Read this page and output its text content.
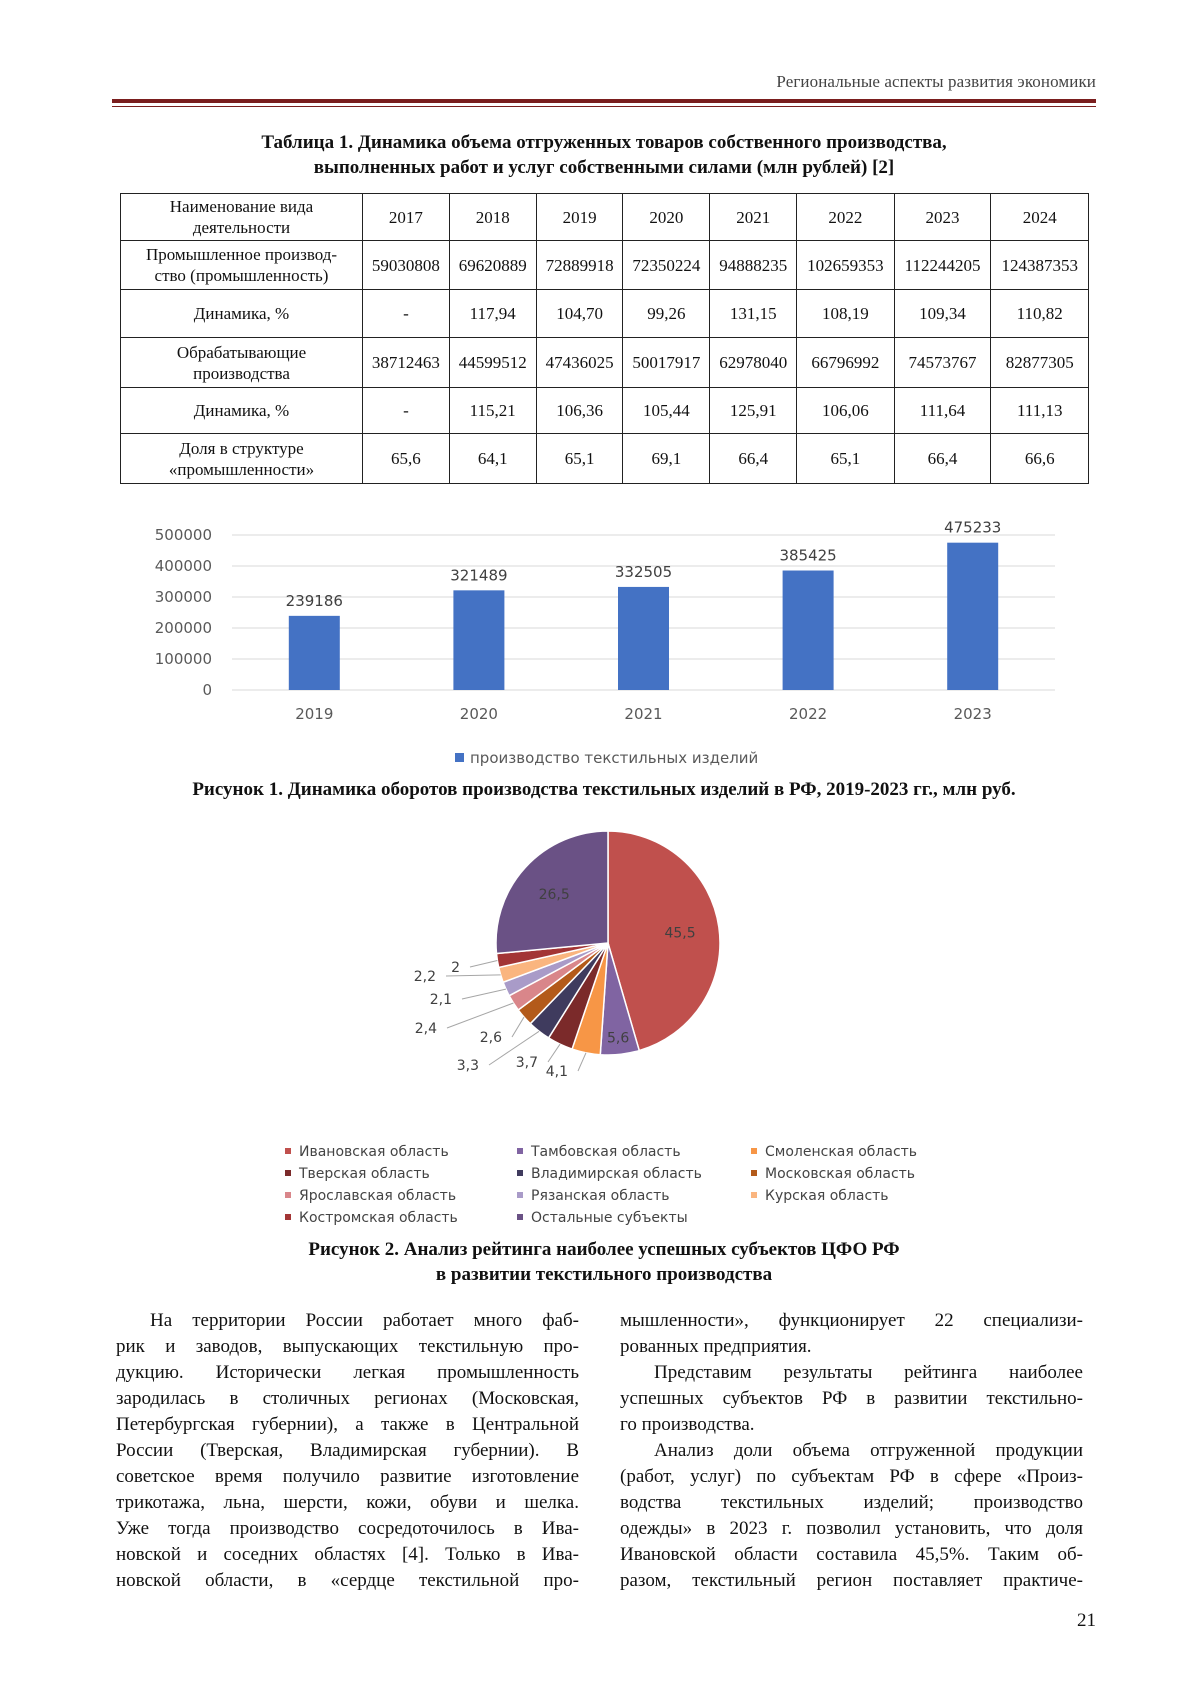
Региональные аспекты развития экономики
Таблица 1. Динамика объема отгруженных товаров собственного производства,
выполненных работ и услуг собственными силами (млн рублей) [2]
Наименование вида
деятельности	2017	2018	2019	2020	2021	2022	2023	2024
Промышленное производ-
ство (промышленность)	59030808	69620889	72889918	72350224	94888235	102659353	112244205	124387353
Динамика, %	-	117,94	104,70	99,26	131,15	108,19	109,34	110,82
Обрабатывающие
производства	38712463	44599512	47436025	50017917	62978040	66796992	74573767	82877305
Динамика, %	-	115,21	106,36	105,44	125,91	106,06	111,64	111,13
Доля в структуре
«промышленности»	65,6	64,1	65,1	69,1	66,4	65,1	66,4	66,6
0
100000
200000
300000
400000
500000
239186
2019
321489
2020
332505
2021
385425
2022
475233
2023
производство текстильных изделий
Рисунок 1. Динамика оборотов производства текстильных изделий в РФ, 2019-2023 гг., млн руб.
45,5
5,6
4,1
3,7
3,3
2,6
2,4
2,1
2,2
2
26,5
Ивановская область	Тамбовская область	Смоленская область
Тверская область	Владимирская область	Московская область
Ярославская область	Рязанская область	Курская область
Костромская область	Остальные субъекты
Рисунок 2. Анализ рейтинга наиболее успешных субъектов ЦФО РФ
в развитии текстильного производства

На территории России работает много фаб-
рик и заводов, выпускающих текстильную про-
дукцию. Исторически легкая промышленность
зародилась в столичных регионах (Московская,
Петербургская губернии), а также в Центральной
России (Тверская, Владимирская губернии). В
советское время получило развитие изготовление
трикотажа, льна, шерсти, кожи, обуви и шелка.
Уже тогда производство сосредоточилось в Ива-
новской и соседних областях [4]. Только в Ива-
новской области, в «сердце текстильной про-

мышленности», функционирует 22 специализи-
рованных предприятия.

Представим результаты рейтинга наиболее
успешных субъектов РФ в развитии текстильно-
го производства.

Анализ доли объема отгруженной продукции
(работ, услуг) по субъектам РФ в сфере «Произ-
водства текстильных изделий; производство
одежды» в 2023 г. позволил установить, что доля
Ивановской области составила 45,5%. Таким об-
разом, текстильный регион поставляет практиче-

21
